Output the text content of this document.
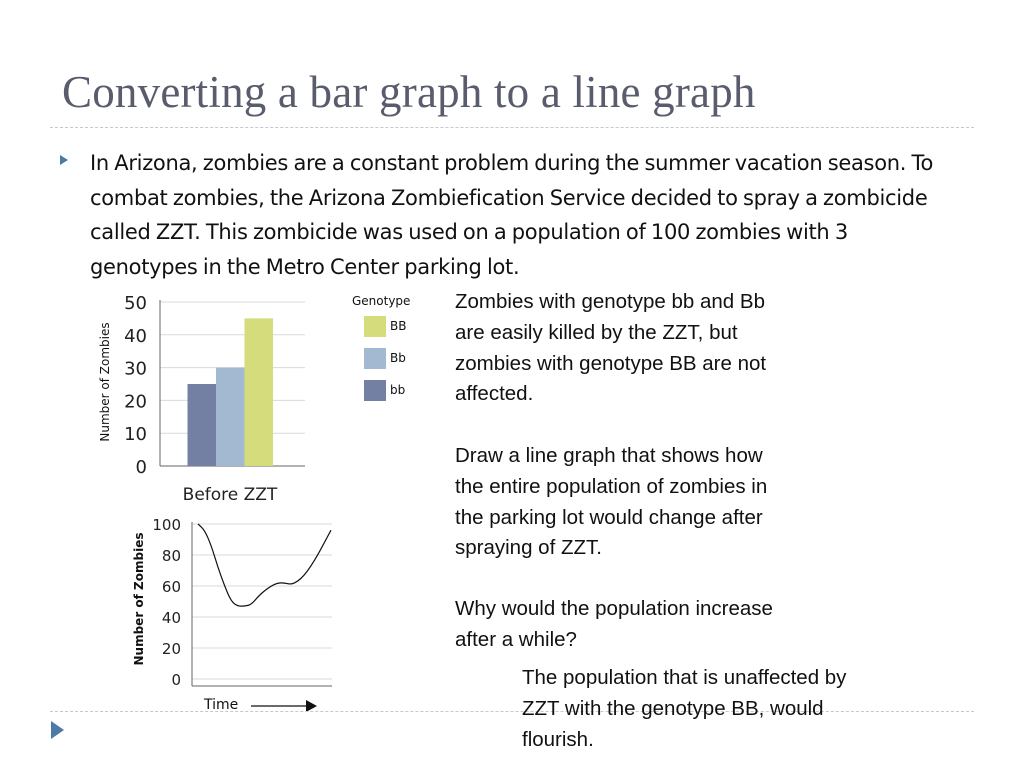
Converting a bar graph to a line graph
In Arizona, zombies are a constant problem during the summer vacation season. To combat zombies, the Arizona Zombiefication Service decided to spray a zombicide called ZZT. This zombicide was used on a population of 100 zombies with 3 genotypes in the Metro Center parking lot.
0
10
20
30
40
50
Number of Zombies
Before ZZT
Genotype
BB
Bb
bb
0
20
40
60
80
100
Number of Zombies
Time
Zombies with genotype bb and Bb
are easily killed by the ZZT, but
zombies with genotype BB are not
affected.
Draw a line graph that shows how
the entire population of zombies in
the parking lot would change after
spraying of ZZT.
Why would the population increase
after a while?
The population that is unaffected by
ZZT with the genotype BB, would
flourish.
